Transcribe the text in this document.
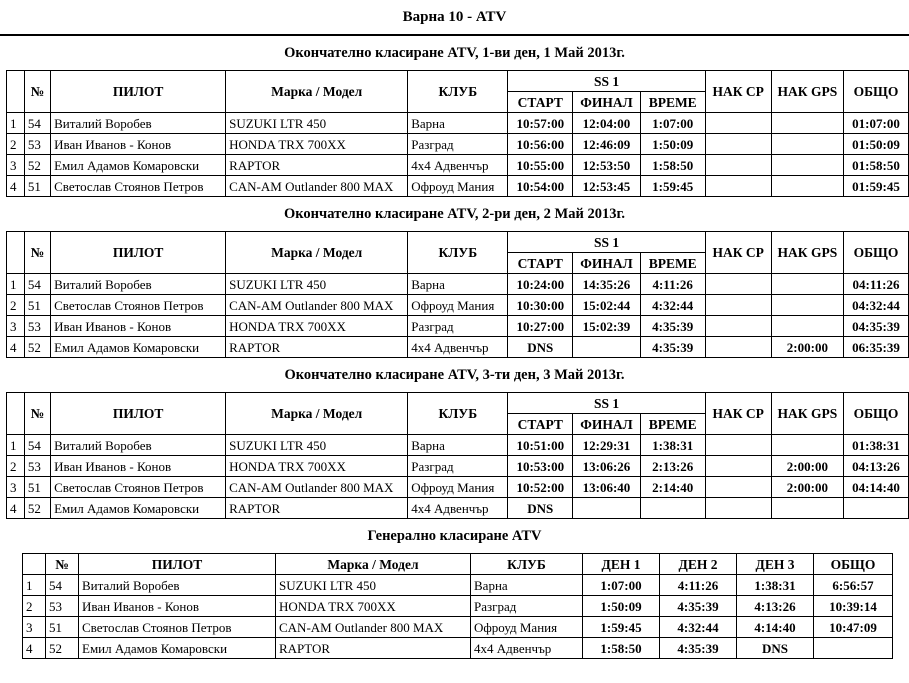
Варна 10 - ATV
Окончателно класиране ATV, 1-ви ден, 1 Май 2013г.
	№	ПИЛОТ	Марка / Модел	КЛУБ	SS 1			НАК СР	НАК GPS	ОБЩО
					СТАРТ	ФИНАЛ	ВРЕМЕ			
1	54	Виталий Воробев	SUZUKI LTR 450	Варна	10:57:00	12:04:00	1:07:00			01:07:00
2	53	Иван Иванов - Конов	HONDA TRX 700XX	Разград	10:56:00	12:46:09	1:50:09			01:50:09
3	52	Емил Адамов Комаровски	RAPTOR	4х4 Адвенчър	10:55:00	12:53:50	1:58:50			01:58:50
4	51	Светослав Стоянов Петров	CAN-AM Outlander 800 MAX	Офроуд Мания	10:54:00	12:53:45	1:59:45			01:59:45
Окончателно класиране ATV, 2-ри ден, 2 Май 2013г.
	№	ПИЛОТ	Марка / Модел	КЛУБ	SS 1			НАК СР	НАК GPS	ОБЩО
					СТАРТ	ФИНАЛ	ВРЕМЕ			
1	54	Виталий Воробев	SUZUKI LTR 450	Варна	10:24:00	14:35:26	4:11:26			04:11:26
2	51	Светослав Стоянов Петров	CAN-AM Outlander 800 MAX	Офроуд Мания	10:30:00	15:02:44	4:32:44			04:32:44
3	53	Иван Иванов - Конов	HONDA TRX 700XX	Разград	10:27:00	15:02:39	4:35:39			04:35:39
4	52	Емил Адамов Комаровски	RAPTOR	4х4 Адвенчър	DNS		4:35:39		2:00:00	06:35:39
Окончателно класиране ATV, 3-ти ден, 3 Май 2013г.
	№	ПИЛОТ	Марка / Модел	КЛУБ	SS 1			НАК СР	НАК GPS	ОБЩО
					СТАРТ	ФИНАЛ	ВРЕМЕ			
1	54	Виталий Воробев	SUZUKI LTR 450	Варна	10:51:00	12:29:31	1:38:31			01:38:31
2	53	Иван Иванов - Конов	HONDA TRX 700XX	Разград	10:53:00	13:06:26	2:13:26		2:00:00	04:13:26
3	51	Светослав Стоянов Петров	CAN-AM Outlander 800 MAX	Офроуд Мания	10:52:00	13:06:40	2:14:40		2:00:00	04:14:40
4	52	Емил Адамов Комаровски	RAPTOR	4х4 Адвенчър	DNS					
Генерално класиране ATV
	№	ПИЛОТ	Марка / Модел	КЛУБ	ДЕН 1	ДЕН 2	ДЕН 3	ОБЩО
1	54	Виталий Воробев	SUZUKI LTR 450	Варна	1:07:00	4:11:26	1:38:31	6:56:57
2	53	Иван Иванов - Конов	HONDA TRX 700XX	Разград	1:50:09	4:35:39	4:13:26	10:39:14
3	51	Светослав Стоянов Петров	CAN-AM Outlander 800 MAX	Офроуд Мания	1:59:45	4:32:44	4:14:40	10:47:09
4	52	Емил Адамов Комаровски	RAPTOR	4х4 Адвенчър	1:58:50	4:35:39	DNS	
